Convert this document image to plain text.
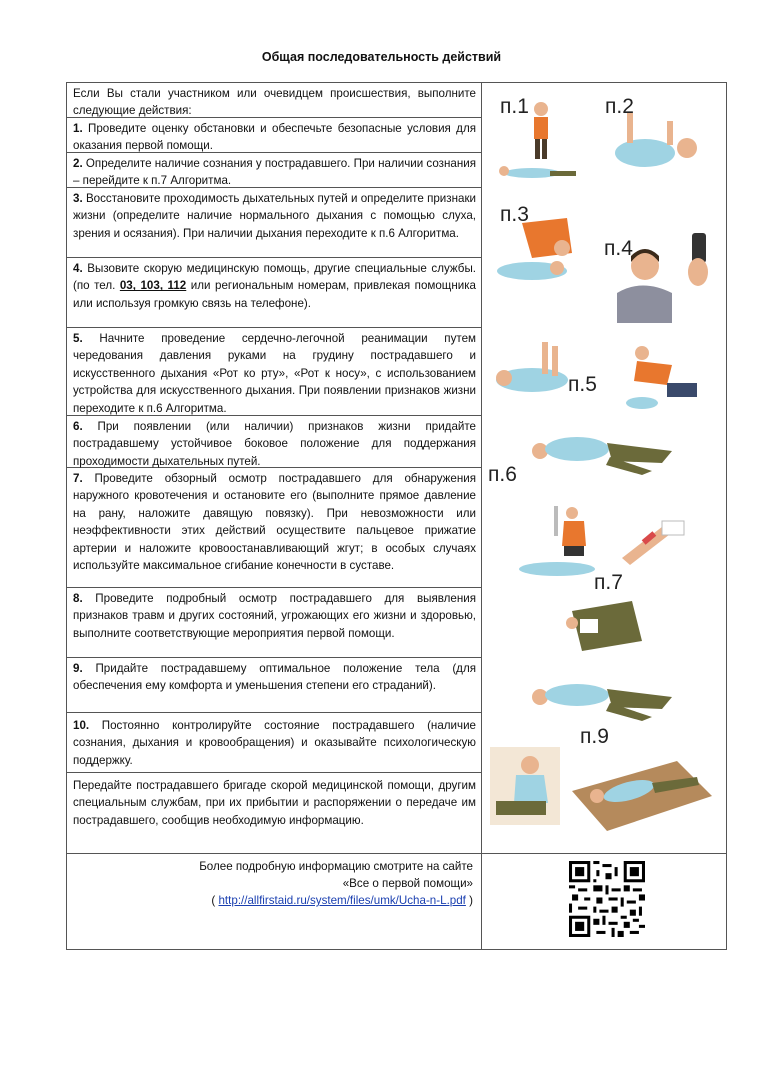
Общая последовательность действий
Если Вы стали участником или очевидцем происшествия, выполните следующие действия:
1. Проведите оценку обстановки и обеспечьте безопасные условия для оказания первой помощи.
2. Определите наличие сознания у пострадавшего. При наличии сознания – перейдите к п.7 Алгоритма.
3. Восстановите проходимость дыхательных путей и определите признаки жизни (определите наличие нормального дыхания с помощью слуха, зрения и осязания). При наличии дыхания переходите к п.6 Алгоритма.
4. Вызовите скорую медицинскую помощь, другие специальные службы. (по тел. 03, 103, 112 или региональным номерам, привлекая помощника или используя громкую связь на телефоне).
5. Начните проведение сердечно-легочной реанимации путем чередования давления руками на грудину пострадавшего и искусственного дыхания «Рот ко рту», «Рот к носу», с использованием устройства для искусственного дыхания. При появлении признаков жизни переходите к п.6 Алгоритма.
6. При появлении (или наличии) признаков жизни придайте пострадавшему устойчивое боковое положение для поддержания проходимости дыхательных путей.
7. Проведите обзорный осмотр пострадавшего для обнаружения наружного кровотечения и остановите его (выполните прямое давление на рану, наложите давящую повязку). При невозможности или неэффективности этих действий осуществите пальцевое прижатие артерии и наложите кровоостанавливающий жгут; в особых случаях используйте максимальное сгибание конечности в суставе.
8. Проведите подробный осмотр пострадавшего для выявления признаков травм и других состояний, угрожающих его жизни и здоровью, выполните соответствующие мероприятия первой помощи.
9. Придайте пострадавшему оптимальное положение тела (для обеспечения ему комфорта и уменьшения степени его страданий).
10. Постоянно контролируйте состояние пострадавшего (наличие сознания, дыхания и кровообращения) и оказывайте психологическую поддержку.
Передайте пострадавшего бригаде скорой медицинской помощи, другим специальным службам, при их прибытии и распоряжении о передаче им пострадавшего, сообщив необходимую информацию.
п.1	п.2
п.3
п.4
п.5
п.6
п.7
п.9
Более подробную информацию смотрите на сайте
«Все о первой помощи»
( http://allfirstaid.ru/system/files/umk/Ucha-n-L.pdf )
